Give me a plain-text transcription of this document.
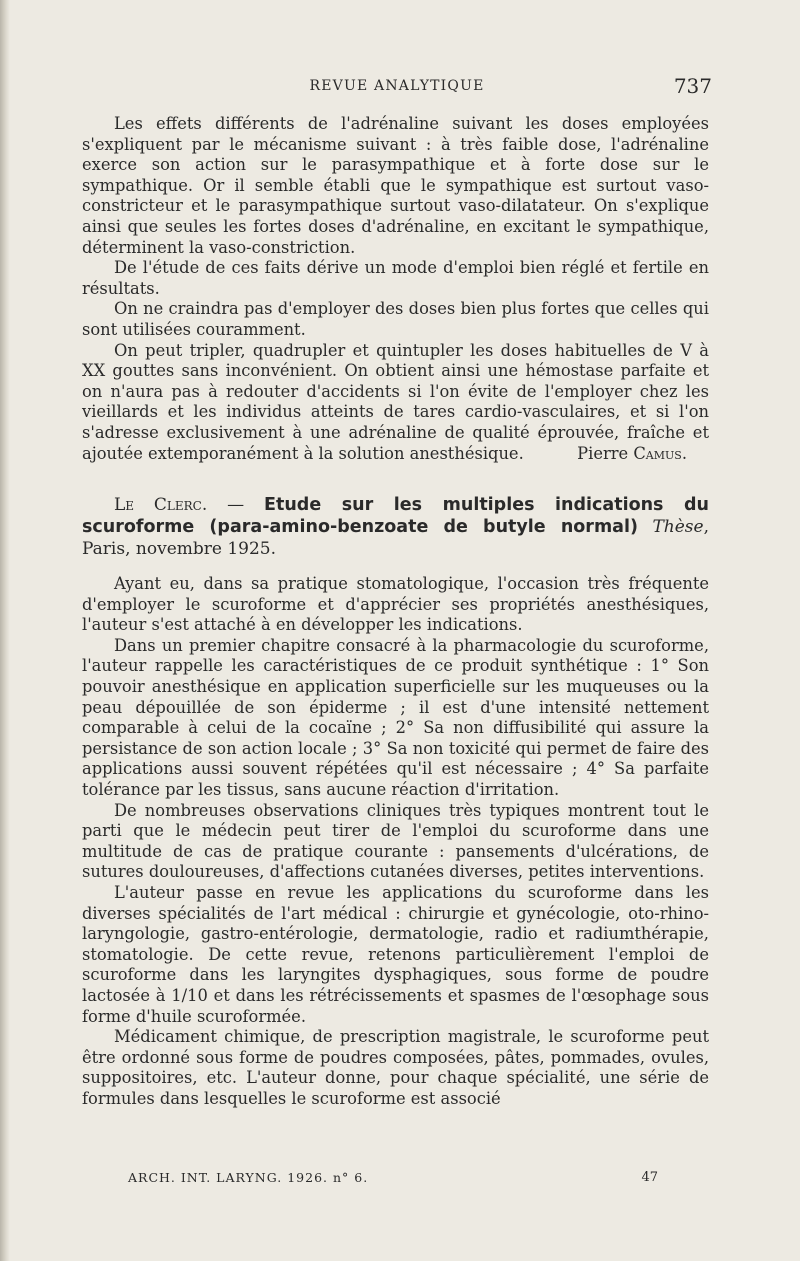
REVUE ANALYTIQUE	737

Les effets différents de l'adrénaline suivant les doses employées s'expliquent par le mécanisme suivant : à très faible dose, l'adrénaline exerce son action sur le parasympathique et à forte dose sur le sympathique. Or il semble établi que le sympathique est surtout vaso-constricteur et le parasympathique surtout vaso-dilatateur. On s'explique ainsi que seules les fortes doses d'adrénaline, en excitant le sympathique, déterminent la vaso-constriction.

De l'étude de ces faits dérive un mode d'emploi bien réglé et fertile en résultats.

On ne craindra pas d'employer des doses bien plus fortes que celles qui sont utilisées couramment.

On peut tripler, quadrupler et quintupler les doses habituelles de V à XX gouttes sans inconvénient. On obtient ainsi une hémostase parfaite et on n'aura pas à redouter d'accidents si l'on évite de l'employer chez les vieillards et les individus atteints de tares cardio-vasculaires, et si l'on s'adresse exclusivement à une adrénaline de qualité éprouvée, fraîche et ajoutée extemporanément à la solution anesthésique.	Pierre Camus.
Le Clerc. — Etude sur les multiples indications du scuroforme (para-amino-benzoate de butyle normal) Thèse, Paris, novembre 1925.

Ayant eu, dans sa pratique stomatologique, l'occasion très fréquente d'employer le scuroforme et d'apprécier ses propriétés anesthésiques, l'auteur s'est attaché à en développer les indications.

Dans un premier chapitre consacré à la pharmacologie du scuroforme, l'auteur rappelle les caractéristiques de ce produit synthétique : 1° Son pouvoir anesthésique en application superficielle sur les muqueuses ou la peau dépouillée de son épiderme ; il est d'une intensité nettement comparable à celui de la cocaïne ; 2° Sa non diffusibilité qui assure la persistance de son action locale ; 3° Sa non toxicité qui permet de faire des applications aussi souvent répétées qu'il est nécessaire ; 4° Sa parfaite tolérance par les tissus, sans aucune réaction d'irritation.

De nombreuses observations cliniques très typiques montrent tout le parti que le médecin peut tirer de l'emploi du scuroforme dans une multitude de cas de pratique courante : pansements d'ulcérations, de sutures douloureuses, d'affections cutanées diverses, petites interventions.

L'auteur passe en revue les applications du scuroforme dans les diverses spécialités de l'art médical : chirurgie et gynécologie, oto-rhino-laryngologie, gastro-entérologie, dermatologie, radio et radiumthérapie, stomatologie. De cette revue, retenons particulièrement l'emploi de scuroforme dans les laryngites dysphagiques, sous forme de poudre lactosée à 1/10 et dans les rétrécissements et spasmes de l'œsophage sous forme d'huile scuroformée.

Médicament chimique, de prescription magistrale, le scuroforme peut être ordonné sous forme de poudres composées, pâtes, pommades, ovules, suppositoires, etc. L'auteur donne, pour chaque spécialité, une série de formules dans lesquelles le scuroforme est associé

ARCH. INT. LARYNG. 1926. n° 6.	47
